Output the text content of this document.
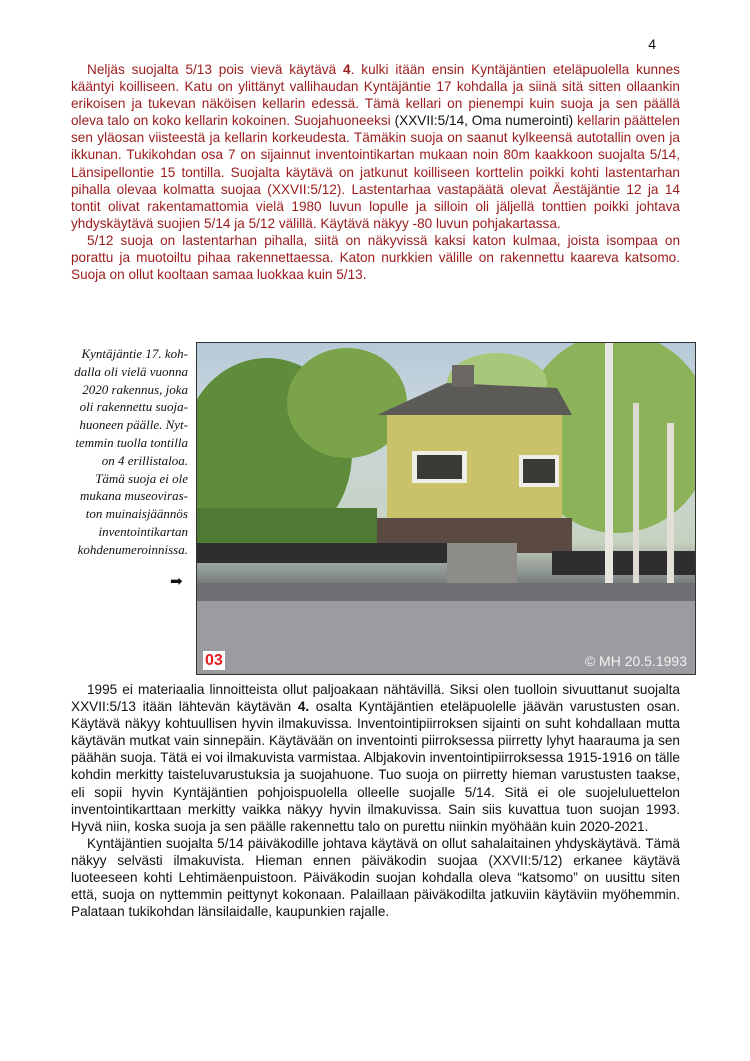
4

Neljäs suojalta 5/13 pois vievä käytävä 4. kulki itään ensin Kyntäjäntien eteläpuolella kunnes kääntyi koilliseen. Katu on ylittänyt vallihaudan Kyntäjäntie 17 kohdalla ja siinä sitä sitten ollaankin erikoisen ja tukevan näköisen kellarin edessä. Tämä kellari on pienempi kuin suoja ja sen päällä oleva talo on koko kellarin kokoinen. Suojahuoneeksi (XXVII:5/14, Oma numerointi) kellarin päättelen sen yläosan viisteestä ja kellarin korkeudesta. Tämäkin suoja on saanut kylkeensä autotallin oven ja ikkunan. Tukikohdan osa 7 on sijainnut inventointikartan mukaan noin 80m kaakkoon suojalta 5/14, Länsipellontie 15 tontilla. Suojalta käytävä on jatkunut koilliseen korttelin poikki kohti lastentarhan pihalla olevaa kolmatta suojaa (XXVII:5/12). Lastentarhaa vastapäätä olevat Äestäjäntie 12 ja 14 tontit olivat rakentamattomia vielä 1980 luvun lopulle ja silloin oli jäljellä tonttien poikki johtava yhdyskäytävä suojien 5/14 ja 5/12 välillä. Käytävä näkyy -80 luvun pohjakartassa.

5/12 suoja on lastentarhan pihalla, siitä on näkyvissä kaksi katon kulmaa, joista isompaa on porattu ja muotoiltu pihaa rakennettaessa. Katon nurkkien välille on rakennettu kaareva katsomo. Suoja on ollut kooltaan samaa luokkaa kuin 5/13.

Kyntäjäntie 17. koh-
dalla oli vielä vuonna
2020 rakennus, joka
oli rakennettu suoja-
huoneen päälle. Nyt-
temmin tuolla tontilla
on 4 erillistaloa.
Tämä suoja ei ole
mukana museoviras-
ton muinaisjäännös
inventointikartan
kohdenumeroinnissa.
➡
03	© MH 20.5.1993

1995 ei materiaalia linnoitteista ollut paljoakaan nähtävillä. Siksi olen tuolloin sivuuttanut suojalta XXVII:5/13 itään lähtevän käytävän 4. osalta Kyntäjäntien eteläpuolelle jäävän varustusten osan. Käytävä näkyy kohtuullisen hyvin ilmakuvissa. Inventointipiirroksen sijainti on suht kohdallaan mutta käytävän mutkat vain sinnepäin. Käytävään on inventointi piirroksessa piirretty lyhyt haarauma ja sen päähän suoja. Tätä ei voi ilmakuvista varmistaa. Albjakovin inventointipiirroksessa 1915-1916 on tälle kohdin merkitty taisteluvarustuksia ja suojahuone. Tuo suoja on piirretty hieman varustusten taakse, eli sopii hyvin Kyntäjäntien pohjoispuolella olleelle suojalle 5/14. Sitä ei ole suojeluluettelon inventointikarttaan merkitty vaikka näkyy hyvin ilmakuvissa. Sain siis kuvattua tuon suojan 1993. Hyvä niin, koska suoja ja sen päälle rakennettu talo on purettu niinkin myöhään kuin 2020-2021.

Kyntäjäntien suojalta 5/14 päiväkodille johtava käytävä on ollut sahalaitainen yhdyskäytävä. Tämä näkyy selvästi ilmakuvista. Hieman ennen päiväkodin suojaa (XXVII:5/12) erkanee käytävä luoteeseen kohti Lehtimäenpuistoon. Päiväkodin suojan kohdalla oleva “katsomo” on uusittu siten että, suoja on nyttemmin peittynyt kokonaan. Palaillaan päiväkodilta jatkuviin käytäviin myöhemmin. Palataan tukikohdan länsilaidalle, kaupunkien rajalle.
